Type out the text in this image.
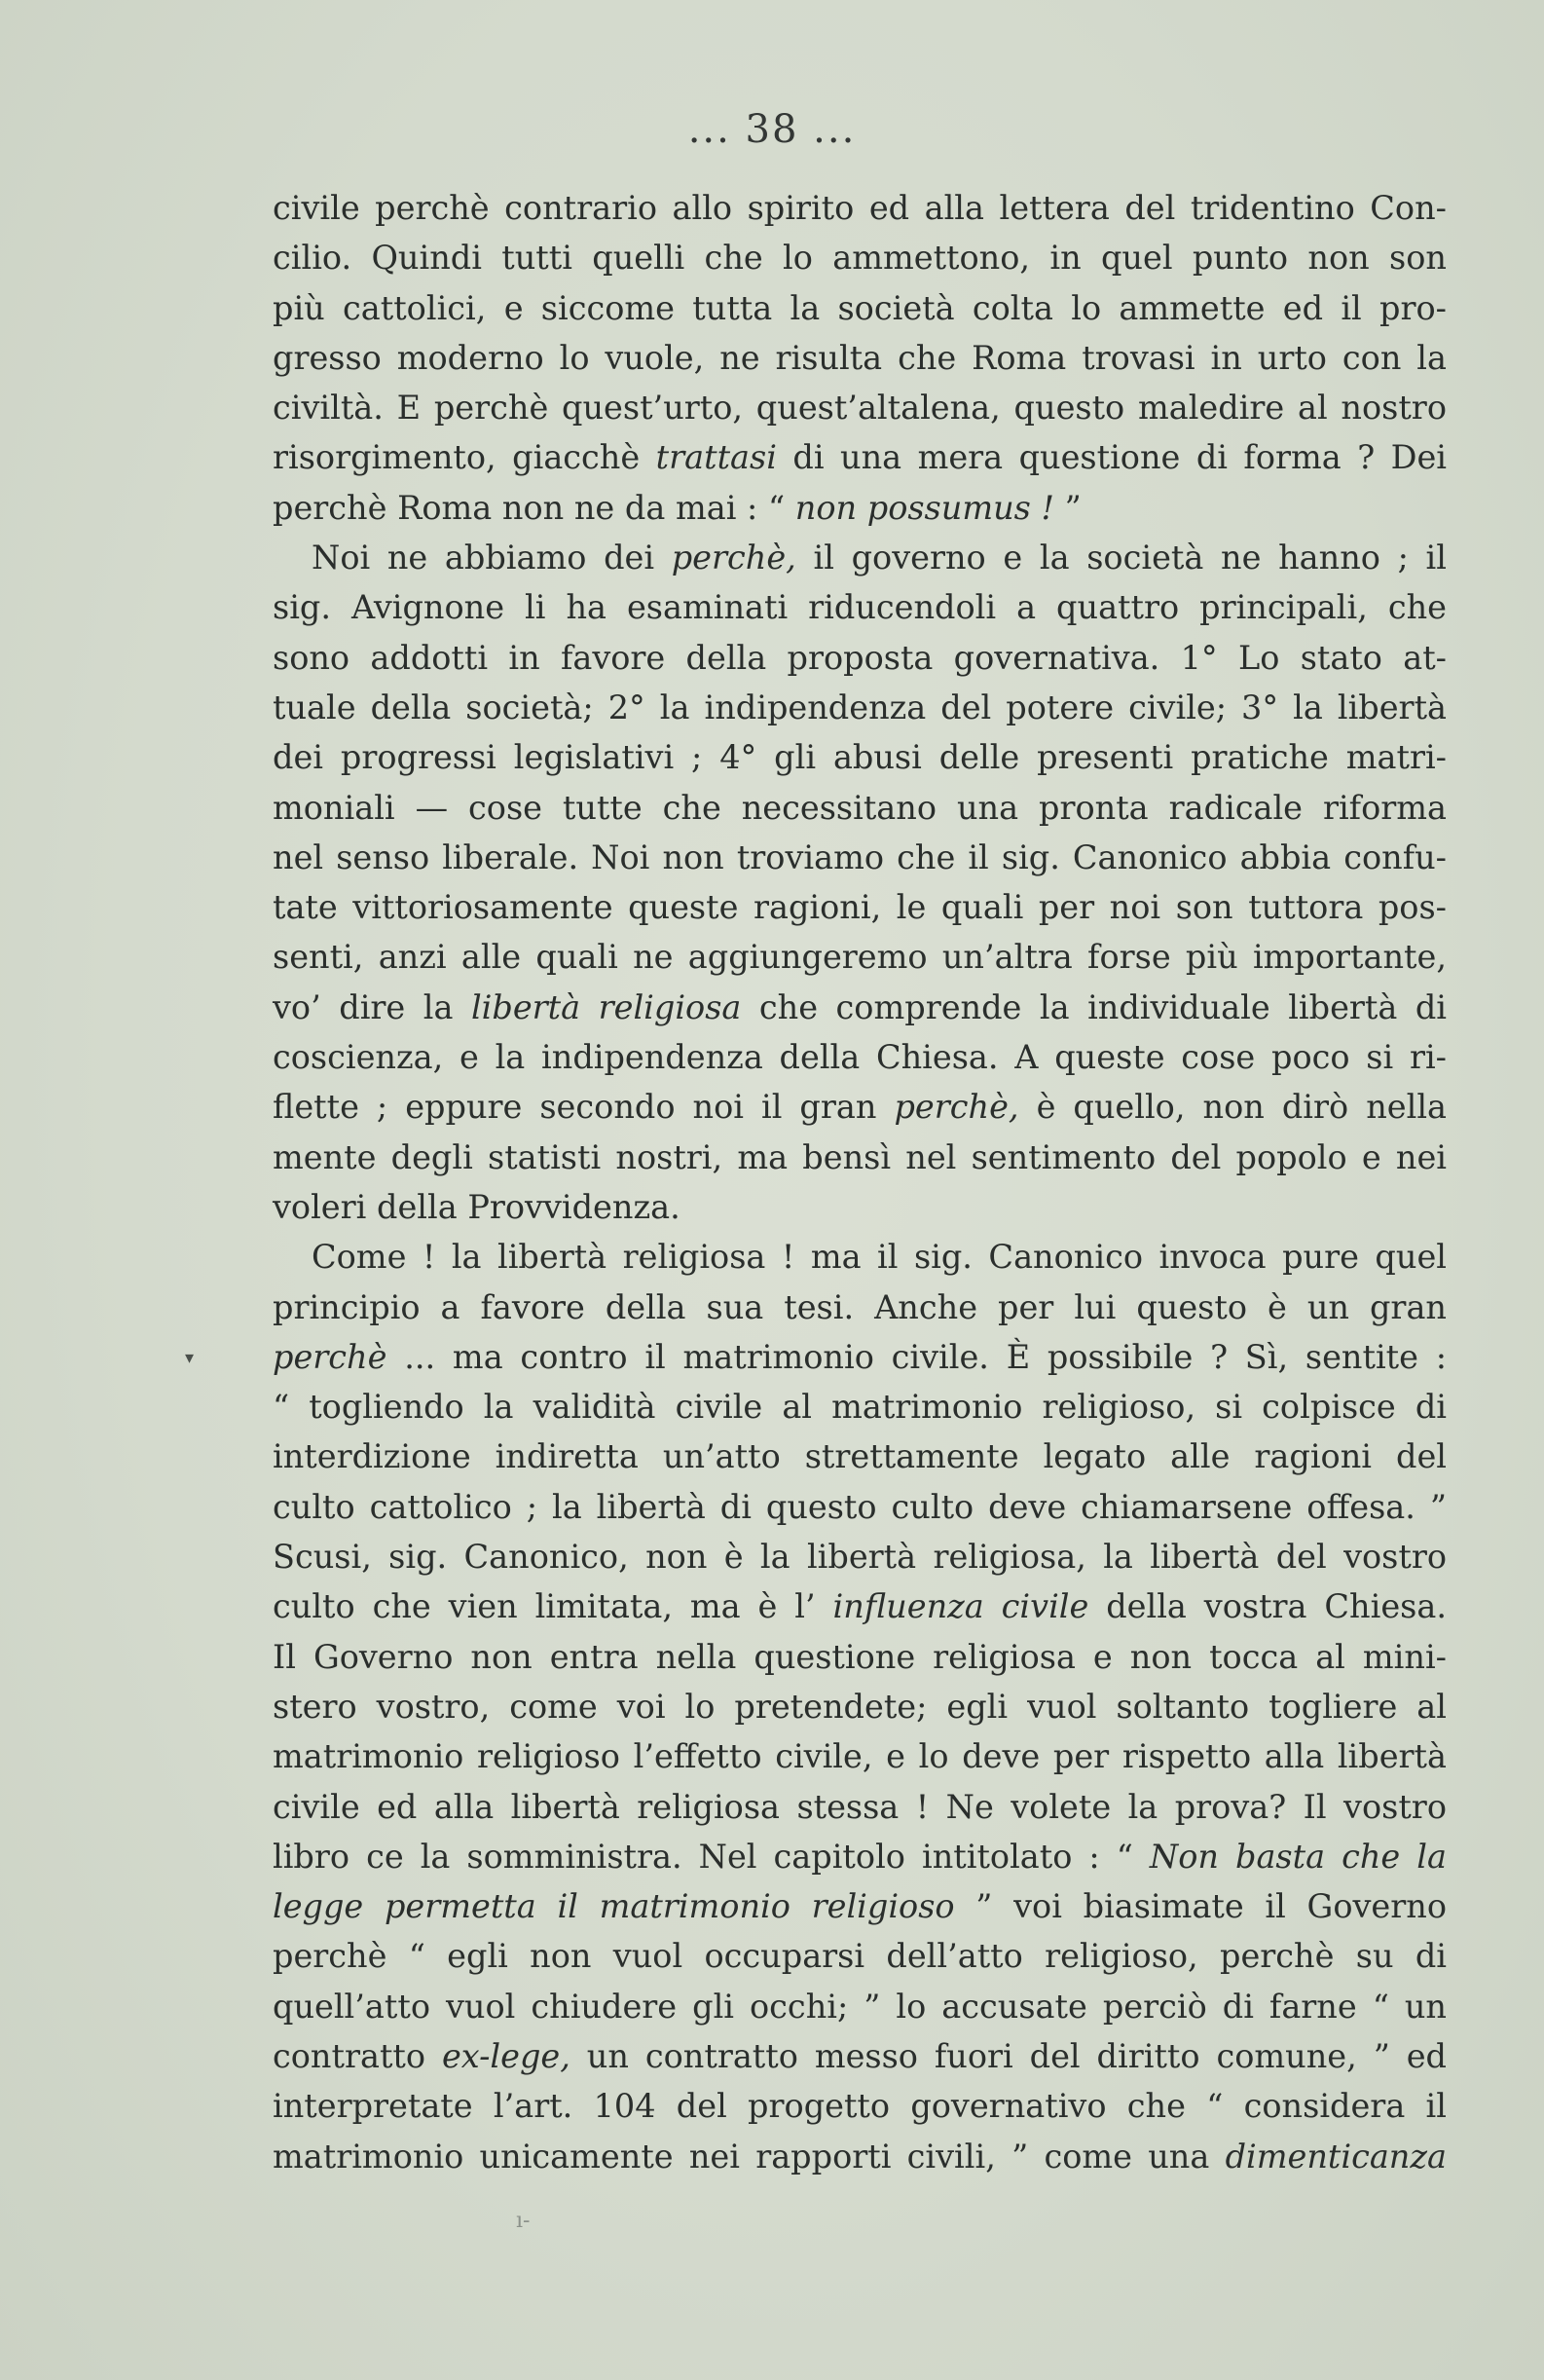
... 38 ...
civile perchè contrario allo spirito ed alla lettera del tridentino Con-
cilio. Quindi tutti quelli che lo ammettono, in quel punto non son
più cattolici, e siccome tutta la società colta lo ammette ed il pro-
gresso moderno lo vuole, ne risulta che Roma trovasi in urto con la
civiltà. E perchè quest’urto, quest’altalena, questo maledire al nostro
risorgimento, giacchè trattasi di una mera questione di forma ? Dei
perchè Roma non ne da mai : “ non possumus ! ”
Noi ne abbiamo dei perchè, il governo e la società ne hanno ; il
sig. Avignone li ha esaminati riducendoli a quattro principali, che
sono addotti in favore della proposta governativa. 1° Lo stato at-
tuale della società; 2° la indipendenza del potere civile; 3° la libertà
dei progressi legislativi ; 4° gli abusi delle presenti pratiche matri-
moniali — cose tutte che necessitano una pronta radicale riforma
nel senso liberale. Noi non troviamo che il sig. Canonico abbia confu-
tate vittoriosamente queste ragioni, le quali per noi son tuttora pos-
senti, anzi alle quali ne aggiungeremo un’altra forse più importante,
vo’ dire la libertà religiosa che comprende la individuale libertà di
coscienza, e la indipendenza della Chiesa. A queste cose poco si ri-
flette ; eppure secondo noi il gran perchè, è quello, non dirò nella
mente degli statisti nostri, ma bensì nel sentimento del popolo e nei
voleri della Provvidenza.
Come ! la libertà religiosa ! ma il sig. Canonico invoca pure quel
principio a favore della sua tesi. Anche per lui questo è un gran
perchè ... ma contro il matrimonio civile. È possibile ? Sì, sentite :
“ togliendo la validità civile al matrimonio religioso, si colpisce di
interdizione indiretta un’atto strettamente legato alle ragioni del
culto cattolico ; la libertà di questo culto deve chiamarsene offesa. ”
Scusi, sig. Canonico, non è la libertà religiosa, la libertà del vostro
culto che vien limitata, ma è l’ influenza civile della vostra Chiesa.
Il Governo non entra nella questione religiosa e non tocca al mini-
stero vostro, come voi lo pretendete; egli vuol soltanto togliere al
matrimonio religioso l’effetto civile, e lo deve per rispetto alla libertà
civile ed alla libertà religiosa stessa ! Ne volete la prova? Il vostro
libro ce la somministra. Nel capitolo intitolato : “ Non basta che la
legge permetta il matrimonio religioso ” voi biasimate il Governo
perchè “ egli non vuol occuparsi dell’atto religioso, perchè su di
quell’atto vuol chiudere gli occhi; ” lo accusate perciò di farne “ un
contratto ex-lege, un contratto messo fuori del diritto comune, ” ed
interpretate l’art. 104 del progetto governativo che “ considera il
matrimonio unicamente nei rapporti civili, ” come una dimenticanza
▾
ı-
